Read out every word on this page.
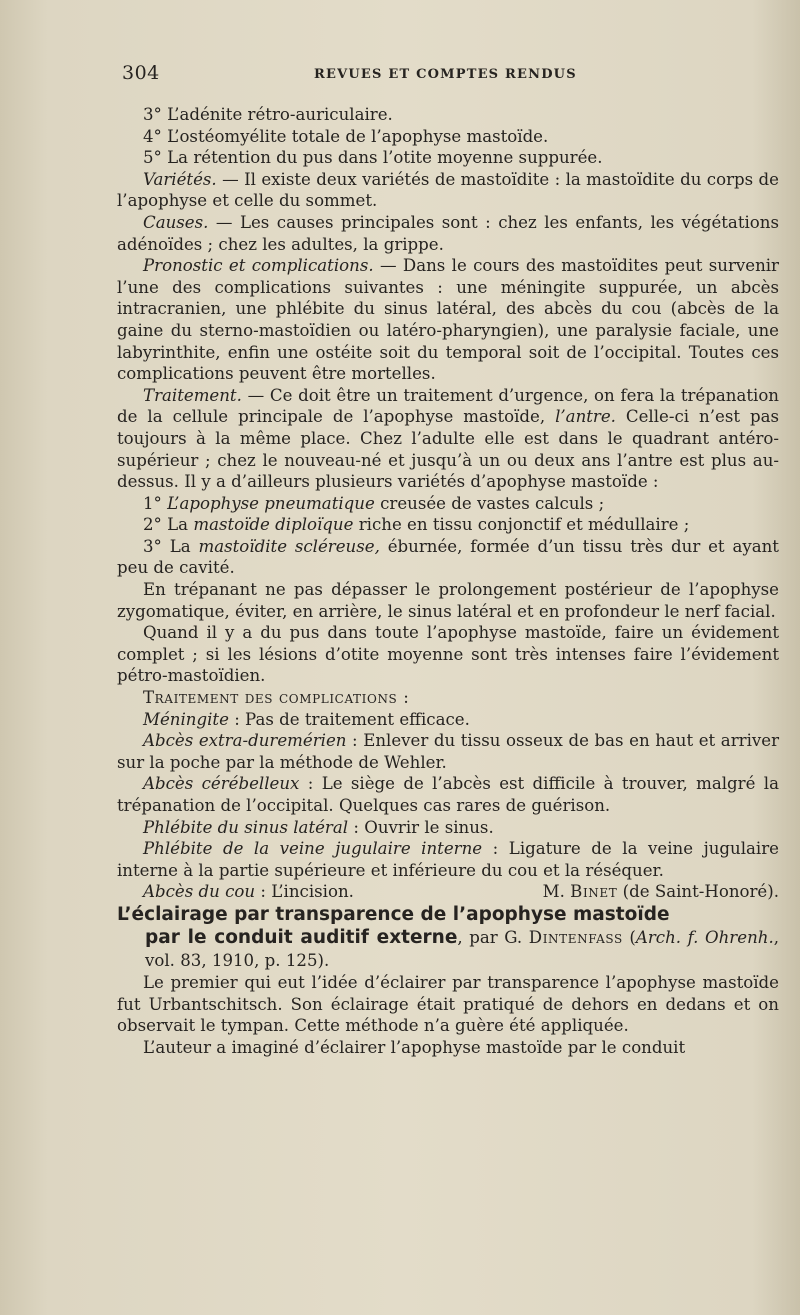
304	REVUES ET COMPTES RENDUS

3° L’adénite rétro-auriculaire.

4° L’ostéomyélite totale de l’apophyse mastoïde.

5° La rétention du pus dans l’otite moyenne suppurée.

Variétés. — Il existe deux variétés de mastoïdite : la mastoïdite du corps de l’apophyse et celle du sommet.

Causes. — Les causes principales sont : chez les enfants, les végétations adénoïdes ; chez les adultes, la grippe.

Pronostic et complications. — Dans le cours des mastoïdites peut survenir l’une des complications suivantes : une méningite suppurée, un abcès intracranien, une phlébite du sinus latéral, des abcès du cou (abcès de la gaine du sterno-mastoïdien ou latéro-pharyngien), une paralysie faciale, une labyrinthite, enfin une ostéite soit du temporal soit de l’occipital. Toutes ces complications peuvent être mortelles.

Traitement. — Ce doit être un traitement d’urgence, on fera la trépanation de la cellule principale de l’apophyse mastoïde, l’antre. Celle-ci n’est pas toujours à la même place. Chez l’adulte elle est dans le quadrant antéro-supérieur ; chez le nouveau-né et jusqu’à un ou deux ans l’antre est plus au-dessus. Il y a d’ailleurs plusieurs variétés d’apophyse mastoïde :

1° L’apophyse pneumatique creusée de vastes calculs ;

2° La mastoïde diploïque riche en tissu conjonctif et médullaire ;

3° La mastoïdite scléreuse, éburnée, formée d’un tissu très dur et ayant peu de cavité.

En trépanant ne pas dépasser le prolongement postérieur de l’apophyse zygomatique, éviter, en arrière, le sinus latéral et en profondeur le nerf facial.

Quand il y a du pus dans toute l’apophyse mastoïde, faire un évidement complet ; si les lésions d’otite moyenne sont très intenses faire l’évidement pétro-mastoïdien.

Traitement des complications :

Méningite : Pas de traitement efficace.

Abcès extra-duremérien : Enlever du tissu osseux de bas en haut et arriver sur la poche par la méthode de Wehler.

Abcès cérébelleux : Le siège de l’abcès est difficile à trouver, malgré la trépanation de l’occipital. Quelques cas rares de guérison.

Phlébite du sinus latéral : Ouvrir le sinus.

Phlébite de la veine jugulaire interne : Ligature de la veine jugulaire interne à la partie supérieure et inférieure du cou et la réséquer.

Abcès du cou : L’incision.	M. Binet (de Saint-Honoré).

L’éclairage par transparence de l’apophyse mastoïde
par le conduit auditif externe, par G. Dintenfass (Arch. f. Ohrenh., vol. 83, 1910, p. 125).

Le premier qui eut l’idée d’éclairer par transparence l’apophyse mastoïde fut Urbantschitsch. Son éclairage était pratiqué de dehors en dedans et on observait le tympan. Cette méthode n’a guère été appliquée.

L’auteur a imaginé d’éclairer l’apophyse mastoïde par le conduit
